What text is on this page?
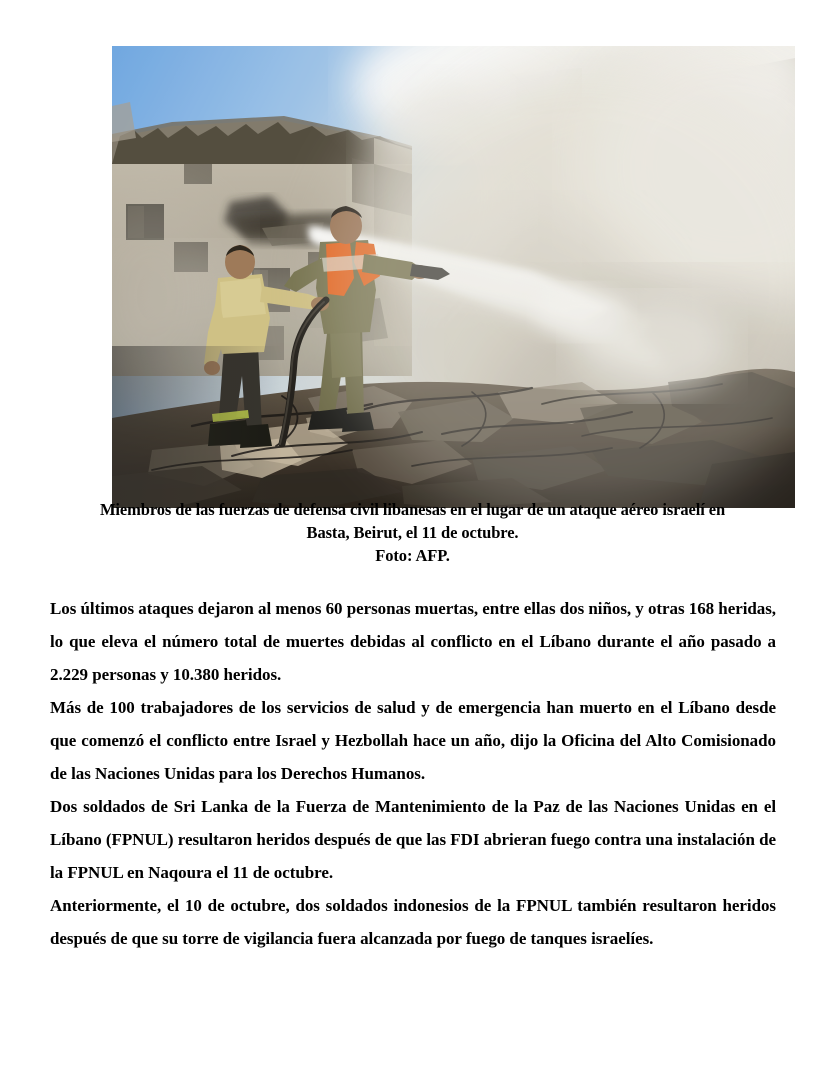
Miembros de las fuerzas de defensa civil libanesas en el lugar de un ataque aéreo israelí en
Basta, Beirut, el 11 de octubre.
Foto: AFP.

Los últimos ataques dejaron al menos 60 personas muertas, entre ellas dos niños, y otras 168 heridas, lo que eleva el número total de muertes debidas al conflicto en el Líbano durante el año pasado a 2.229 personas y 10.380 heridos.

Más de 100 trabajadores de los servicios de salud y de emergencia han muerto en el Líbano desde que comenzó el conflicto entre Israel y Hezbollah hace un año, dijo la Oficina del Alto Comisionado de las Naciones Unidas para los Derechos Humanos.

Dos soldados de Sri Lanka de la Fuerza de Mantenimiento de la Paz de las Naciones Unidas en el Líbano (FPNUL) resultaron heridos después de que las FDI abrieran fuego contra una instalación de la FPNUL en Naqoura el 11 de octubre.

Anteriormente, el 10 de octubre, dos soldados indonesios de la FPNUL también resultaron heridos después de que su torre de vigilancia fuera alcanzada por fuego de tanques israelíes.
